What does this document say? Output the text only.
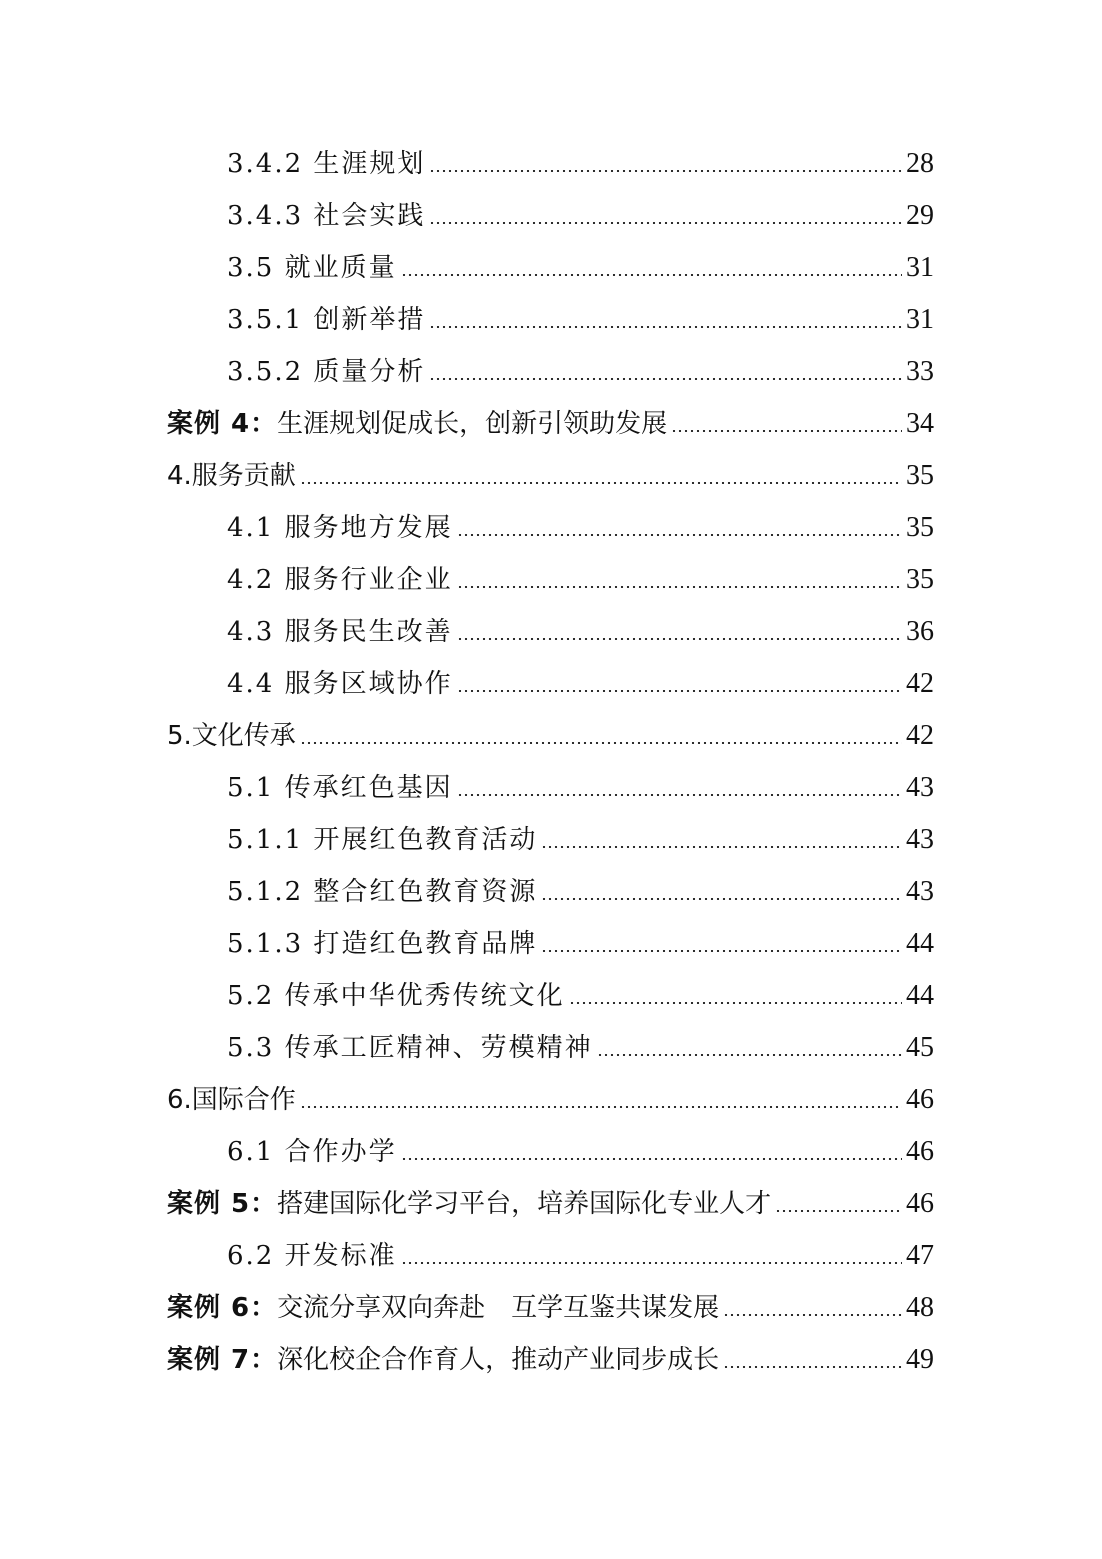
3.4.2 生涯规划	28
3.4.3 社会实践	29
3.5 就业质量	31
3.5.1 创新举措	31
3.5.2 质量分析	33
案例 4：生涯规划促成长，创新引领助发展	34
4.服务贡献	35
4.1 服务地方发展	35
4.2 服务行业企业	35
4.3 服务民生改善	36
4.4 服务区域协作	42
5.文化传承	42
5.1 传承红色基因	43
5.1.1 开展红色教育活动	43
5.1.2 整合红色教育资源	43
5.1.3 打造红色教育品牌	44
5.2 传承中华优秀传统文化	44
5.3 传承工匠精神、劳模精神	45
6.国际合作	46
6.1 合作办学	46
案例 5：搭建国际化学习平台，培养国际化专业人才	46
6.2 开发标准	47
案例 6：交流分享双向奔赴　互学互鉴共谋发展	48
案例 7：深化校企合作育人，推动产业同步成长	49
